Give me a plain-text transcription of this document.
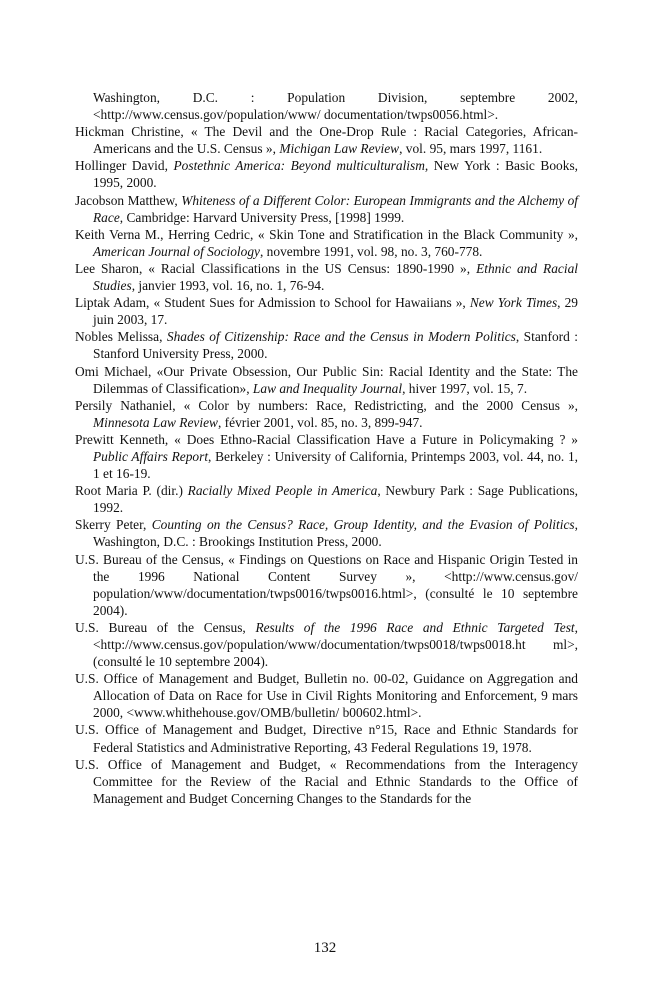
Washington, D.C. : Population Division, septembre 2002, <http://www.census.gov/population/www/ documentation/twps0056.html>.

Hickman Christine, « The Devil and the One-Drop Rule : Racial Categories, African-Americans and the U.S. Census », Michigan Law Review, vol. 95, mars 1997, 1161.

Hollinger David, Postethnic America: Beyond multiculturalism, New York : Basic Books, 1995, 2000.

Jacobson Matthew, Whiteness of a Different Color: European Immigrants and the Alchemy of Race, Cambridge: Harvard University Press, [1998] 1999.

Keith Verna M., Herring Cedric, « Skin Tone and Stratification in the Black Community », American Journal of Sociology, novembre 1991, vol. 98, no. 3, 760-778.

Lee Sharon, « Racial Classifications in the US Census: 1890-1990 », Ethnic and Racial Studies, janvier 1993, vol. 16, no. 1, 76-94.

Liptak Adam, « Student Sues for Admission to School for Hawaiians », New York Times, 29 juin 2003, 17.

Nobles Melissa, Shades of Citizenship: Race and the Census in Modern Politics, Stanford : Stanford University Press, 2000.

Omi Michael, «Our Private Obsession, Our Public Sin: Racial Identity and the State: The Dilemmas of Classification», Law and Inequality Journal, hiver 1997, vol. 15, 7.

Persily Nathaniel, « Color by numbers: Race, Redistricting, and the 2000 Census », Minnesota Law Review, février 2001, vol. 85, no. 3, 899-947.

Prewitt Kenneth, « Does Ethno-Racial Classification Have a Future in Policymaking ? » Public Affairs Report, Berkeley : University of California, Printemps 2003, vol. 44, no. 1, 1 et 16-19.

Root Maria P. (dir.) Racially Mixed People in America, Newbury Park : Sage Publications, 1992.

Skerry Peter, Counting on the Census? Race, Group Identity, and the Evasion of Politics, Washington, D.C. : Brookings Institution Press, 2000.

U.S. Bureau of the Census, « Findings on Questions on Race and Hispanic Origin Tested in the 1996 National Content Survey », <http://www.census.gov/ population/www/documentation/twps0016/twps0016.html>, (consulté le 10 septembre 2004).

U.S. Bureau of the Census, Results of the 1996 Race and Ethnic Targeted Test, <http://www.census.gov/population/www/documentation/twps0018/twps0018.ht ml>, (consulté le 10 septembre 2004).

U.S. Office of Management and Budget, Bulletin no. 00-02, Guidance on Aggregation and Allocation of Data on Race for Use in Civil Rights Monitoring and Enforcement, 9 mars 2000, <www.whithehouse.gov/OMB/bulletin/ b00602.html>.

U.S. Office of Management and Budget, Directive n°15, Race and Ethnic Standards for Federal Statistics and Administrative Reporting, 43 Federal Regulations 19, 1978.

U.S. Office of Management and Budget, « Recommendations from the Interagency Committee for the Review of the Racial and Ethnic Standards to the Office of Management and Budget Concerning Changes to the Standards for the

132
